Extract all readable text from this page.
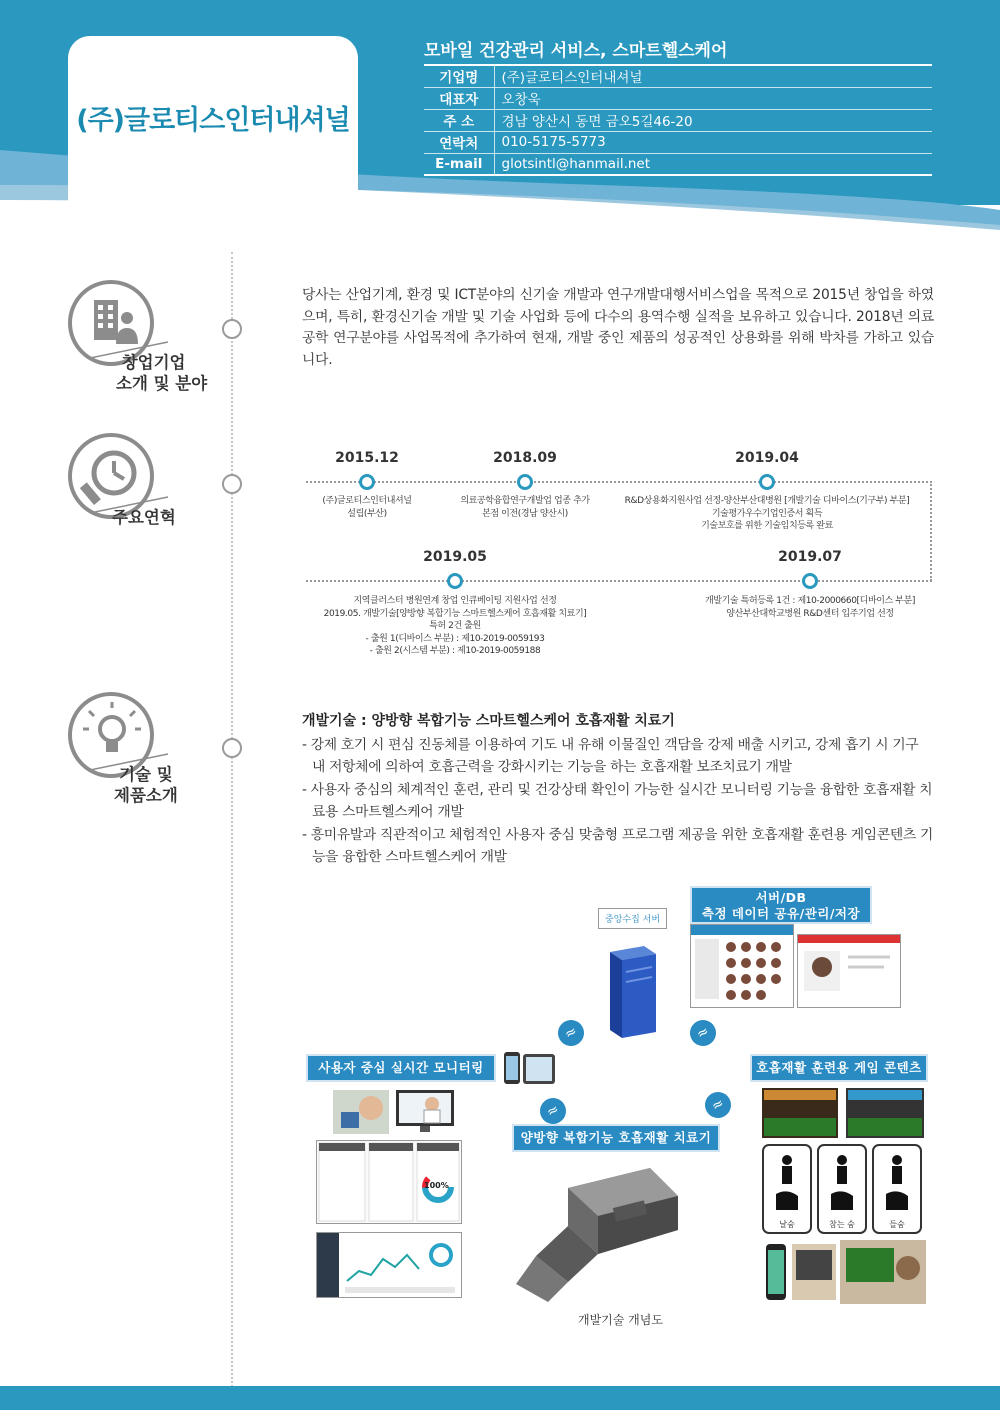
(주)글로티스인터내셔널
모바일 건강관리 서비스, 스마트헬스케어
기업명	(주)글로티스인터내셔널
대표자	오창욱
주 소	경남 양산시 동면 금오5길46-20
연락처	010-5175-5773
E-mail	glotsintl@hanmail.net
창업기업
소개 및 분야
당사는 산업기계, 환경 및 ICT분야의 신기술 개발과 연구개발대행서비스업을 목적으로 2015년 창업을 하였으며, 특히, 환경신기술 개발 및 기술 사업화 등에 다수의 용역수행 실적을 보유하고 있습니다. 2018년 의료공학 연구분야를 사업목적에 추가하여 현재, 개발 중인 제품의 성공적인 상용화를 위해 박차를 가하고 있습니다.
주요연혁
2015.12
(주)글로티스인터내셔널
설립(부산)
2018.09
의료공학융합연구개발업 업종 추가
본점 이전(경남 양산시)
2019.04
R&D상용화지원사업 선정-양산부산대병원 [개발기술 디바이스(기구부) 부분]
기술평가우수기업인증서 획득
기술보호를 위한 기술임치등록 완료
2019.05
지역클러스터 병원연계 창업 인큐베이팅 지원사업 선정
2019.05. 개발기술[양방향 복합기능 스마트헬스케어 호흡재활 치료기]
특허 2건 출원
- 출원 1(디바이스 부분) : 제10-2019-0059193
- 출원 2(시스템 부분) : 제10-2019-0059188
2019.07
개발기술 특허등록 1건 : 제10-2000660[디바이스 부분]
양산부산대학교병원 R&D센터 입주기업 선정
기술 및
제품소개
개발기술 : 양방향 복합기능 스마트헬스케어 호흡재활 치료기
- 강제 호기 시 편심 진동체를 이용하여 기도 내 유해 이물질인 객담을 강제 배출 시키고, 강제 흡기 시 기구 내 저항체에 의하여 호흡근력을 강화시키는 기능을 하는 호흡재활 보조치료기 개발
- 사용자 중심의 체계적인 훈련, 관리 및 건강상태 확인이 가능한 실시간 모니터링 기능을 융합한 호흡재활 치료용 스마트헬스케어 개발
- 흥미유발과 직관적이고 체험적인 사용자 중심 맞춤형 프로그램 제공을 위한 호흡재활 훈련용 게임콘텐츠 기능을 융합한 스마트헬스케어 개발
중앙수집 서버
서버/DB
측정 데이터 공유/관리/저장
≈	≈
≈	≈
사용자 중심 실시간 모니터링
100%
양방향 복합기능 호흡재활 치료기
개발기술 개념도
호흡재활 훈련용 게임 콘텐츠
날숨	참는 숨	들숨
